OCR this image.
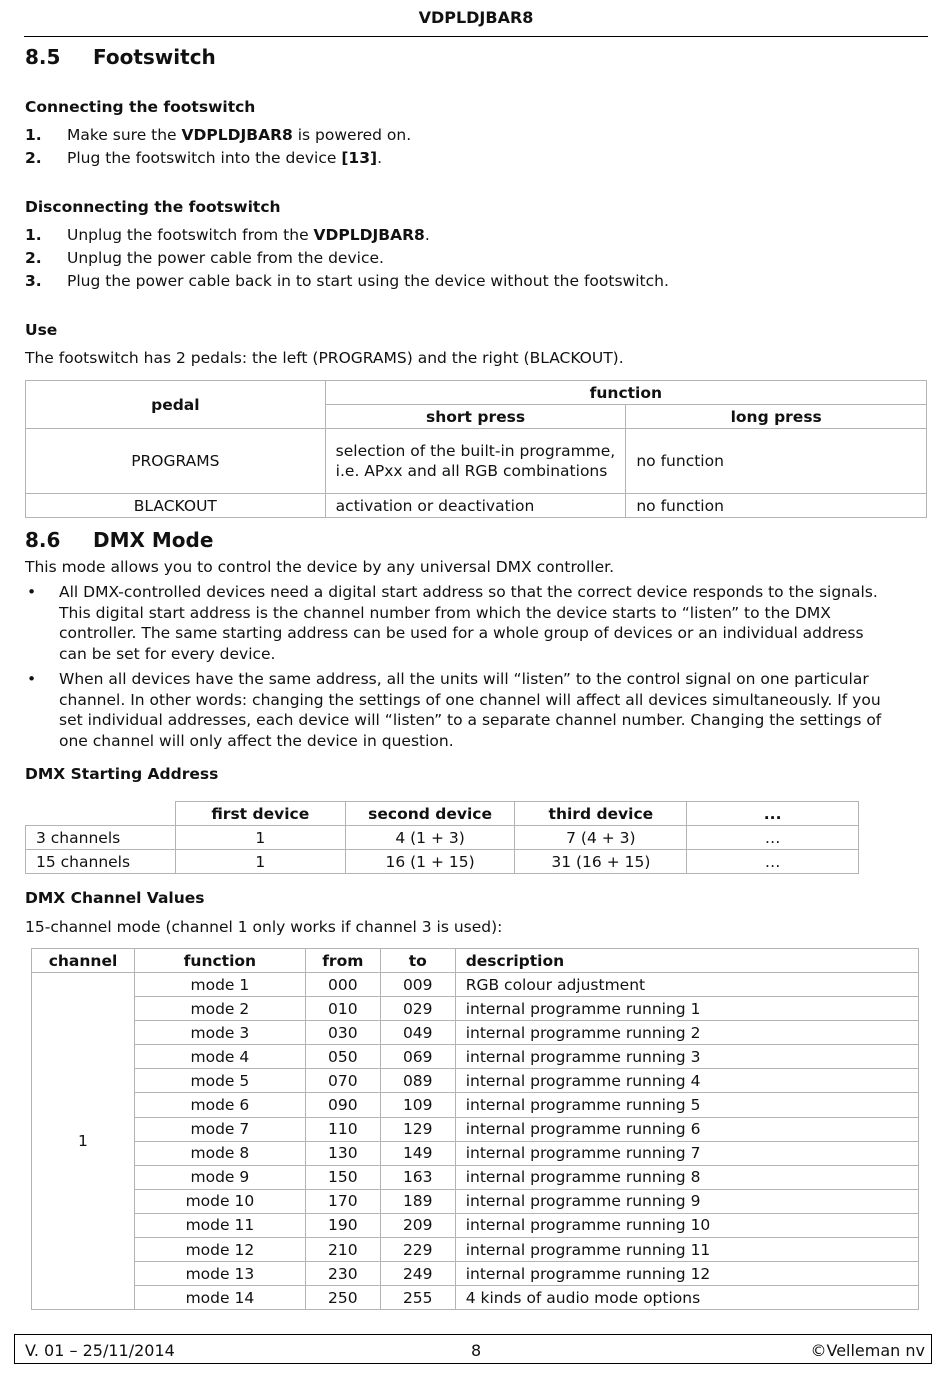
VDPLDJBAR8
8.5 Footswitch
Connecting the footswitch
1. Make sure the VDPLDJBAR8 is powered on.
2. Plug the footswitch into the device [13].
Disconnecting the footswitch
1. Unplug the footswitch from the VDPLDJBAR8.
2. Unplug the power cable from the device.
3. Plug the power cable back in to start using the device without the footswitch.
Use
The footswitch has 2 pedals: the left (PROGRAMS) and the right (BLACKOUT).
pedal	function	
	short press	long press
PROGRAMS	selection of the built-in programme, i.e. APxx and all RGB combinations	no function
BLACKOUT	activation or deactivation	no function
8.6 DMX Mode
This mode allows you to control the device by any universal DMX controller.
• All DMX-controlled devices need a digital start address so that the correct device responds to the signals. This digital start address is the channel number from which the device starts to “listen” to the DMX controller. The same starting address can be used for a whole group of devices or an individual address can be set for every device.
• When all devices have the same address, all the units will “listen” to the control signal on one particular channel. In other words: changing the settings of one channel will affect all devices simultaneously. If you set individual addresses, each device will “listen” to a separate channel number. Changing the settings of one channel will only affect the device in question.
DMX Starting Address
	first device	second device	third device	...
3 channels	1	4 (1 + 3)	7 (4 + 3)	…
15 channels	1	16 (1 + 15)	31 (16 + 15)	…
DMX Channel Values
15-channel mode (channel 1 only works if channel 3 is used):
channel	function	from	to	description
1	mode 1	000	009	RGB colour adjustment
	mode 2	010	029	internal programme running 1
	mode 3	030	049	internal programme running 2
	mode 4	050	069	internal programme running 3
	mode 5	070	089	internal programme running 4
	mode 6	090	109	internal programme running 5
	mode 7	110	129	internal programme running 6
	mode 8	130	149	internal programme running 7
	mode 9	150	163	internal programme running 8
	mode 10	170	189	internal programme running 9
	mode 11	190	209	internal programme running 10
	mode 12	210	229	internal programme running 11
	mode 13	230	249	internal programme running 12
	mode 14	250	255	4 kinds of audio mode options
V. 01 – 25/11/2014	8	©Velleman nv
